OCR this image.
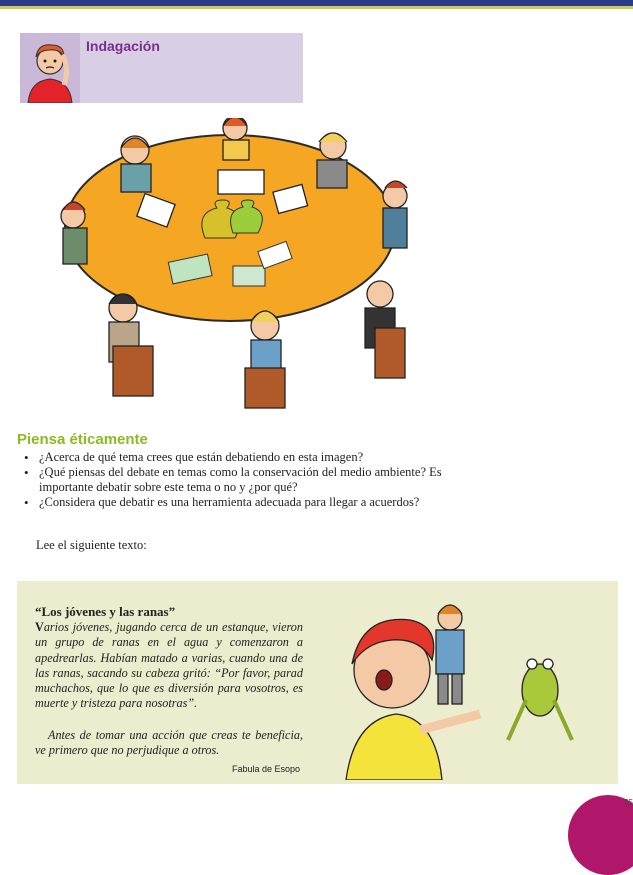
Indagación
Piensa éticamente
• ¿Acerca de qué tema crees que están debatiendo en esta imagen?
• ¿Qué piensas del debate en temas como la conservación del medio ambiente? Es importante debatir sobre este tema o no y ¿por qué?
• ¿Considera que debatir es una herramienta adecuada para llegar a acuerdos?
Lee el siguiente texto:
“Los jóvenes y las ranas”

Varios jóvenes, jugando cerca de un estanque, vieron un grupo de ranas en el agua y comenzaron a apedrearlas. Habían matado a varias, cuando una de las ranas, sacando su cabeza gritó: “Por favor, parad muchachos, que lo que es diversión para vosotros, es muerte y tristeza para nosotras”.

Antes de tomar una acción que creas te beneficia, ve primero que no perjudique a otros.

Fabula de Esopo
25
